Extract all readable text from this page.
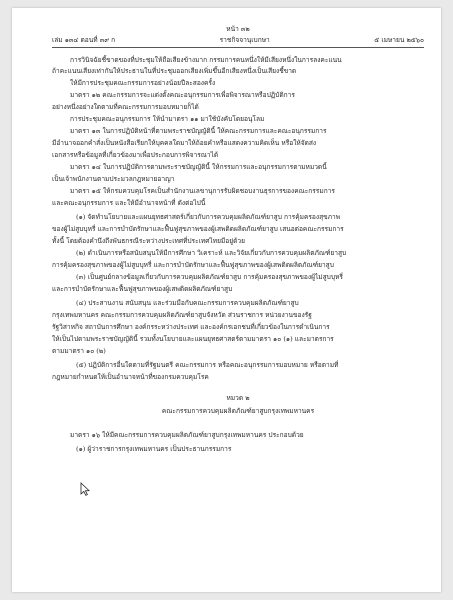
หน้า ๓๒
เล่ม ๑๓๔ ตอนที่ ๓๙ ก	ราชกิจจานุเบกษา	๕ เมษายน ๒๕๖๐
การวินิจฉัยชี้ขาดของที่ประชุมให้ถือเสียงข้างมาก กรรมการคนหนึ่งให้มีเสียงหนึ่งในการลงคะแนน
ถ้าคะแนนเสียงเท่ากันให้ประธานในที่ประชุมออกเสียงเพิ่มขึ้นอีกเสียงหนึ่งเป็นเสียงชี้ขาด
ให้มีการประชุมคณะกรรมการอย่างน้อยปีละสองครั้ง
มาตรา ๑๒ คณะกรรมการจะแต่งตั้งคณะอนุกรรมการเพื่อพิจารณาหรือปฏิบัติการ
อย่างหนึ่งอย่างใดตามที่คณะกรรมการมอบหมายก็ได้
การประชุมคณะอนุกรรมการ ให้นำมาตรา ๑๑ มาใช้บังคับโดยอนุโลม
มาตรา ๑๓ ในการปฏิบัติหน้าที่ตามพระราชบัญญัตินี้ ให้คณะกรรมการและคณะอนุกรรมการ
มีอำนาจออกคำสั่งเป็นหนังสือเรียกให้บุคคลใดมาให้ถ้อยคำหรือแสดงความคิดเห็น หรือให้จัดส่ง
เอกสารหรือข้อมูลที่เกี่ยวข้องมาเพื่อประกอบการพิจารณาได้
มาตรา ๑๔ ในการปฏิบัติการตามพระราชบัญญัตินี้ ให้กรรมการและอนุกรรมการตามหมวดนี้
เป็นเจ้าพนักงานตามประมวลกฎหมายอาญา
มาตรา ๑๕ ให้กรมควบคุมโรคเป็นสำนักงานเลขานุการรับผิดชอบงานธุรการของคณะกรรมการ
และคณะอนุกรรมการ และให้มีอำนาจหน้าที่ ดังต่อไปนี้
(๑) จัดทำนโยบายและแผนยุทธศาสตร์เกี่ยวกับการควบคุมผลิตภัณฑ์ยาสูบ การคุ้มครองสุขภาพ
ของผู้ไม่สูบบุหรี่ และการบำบัดรักษาและฟื้นฟูสุขภาพของผู้เสพติดผลิตภัณฑ์ยาสูบ เสนอต่อคณะกรรมการ
ทั้งนี้ โดยต้องคำนึงถึงพันธกรณีระหว่างประเทศที่ประเทศไทยมีอยู่ด้วย
(๒) ดำเนินการหรือสนับสนุนให้มีการศึกษา วิเคราะห์ และวิจัยเกี่ยวกับการควบคุมผลิตภัณฑ์ยาสูบ
การคุ้มครองสุขภาพของผู้ไม่สูบบุหรี่ และการบำบัดรักษาและฟื้นฟูสุขภาพของผู้เสพติดผลิตภัณฑ์ยาสูบ
(๓) เป็นศูนย์กลางข้อมูลเกี่ยวกับการควบคุมผลิตภัณฑ์ยาสูบ การคุ้มครองสุขภาพของผู้ไม่สูบบุหรี่
และการบำบัดรักษาและฟื้นฟูสุขภาพของผู้เสพติดผลิตภัณฑ์ยาสูบ
(๔) ประสานงาน สนับสนุน และร่วมมือกับคณะกรรมการควบคุมผลิตภัณฑ์ยาสูบ
กรุงเทพมหานคร คณะกรรมการควบคุมผลิตภัณฑ์ยาสูบจังหวัด ส่วนราชการ หน่วยงานของรัฐ
รัฐวิสาหกิจ สถาบันการศึกษา องค์กรระหว่างประเทศ และองค์กรเอกชนที่เกี่ยวข้องในการดำเนินการ
ให้เป็นไปตามพระราชบัญญัตินี้ รวมทั้งนโยบายและแผนยุทธศาสตร์ตามมาตรา ๑๐ (๑) และมาตรการ
ตามมาตรา ๑๐ (๒)
(๕) ปฏิบัติการอื่นใดตามที่รัฐมนตรี คณะกรรมการ หรือคณะอนุกรรมการมอบหมาย หรือตามที่
กฎหมายกำหนดให้เป็นอำนาจหน้าที่ของกรมควบคุมโรค
หมวด ๒
คณะกรรมการควบคุมผลิตภัณฑ์ยาสูบกรุงเทพมหานคร
มาตรา ๑๖ ให้มีคณะกรรมการควบคุมผลิตภัณฑ์ยาสูบกรุงเทพมหานคร ประกอบด้วย
(๑) ผู้ว่าราชการกรุงเทพมหานคร เป็นประธานกรรมการ
